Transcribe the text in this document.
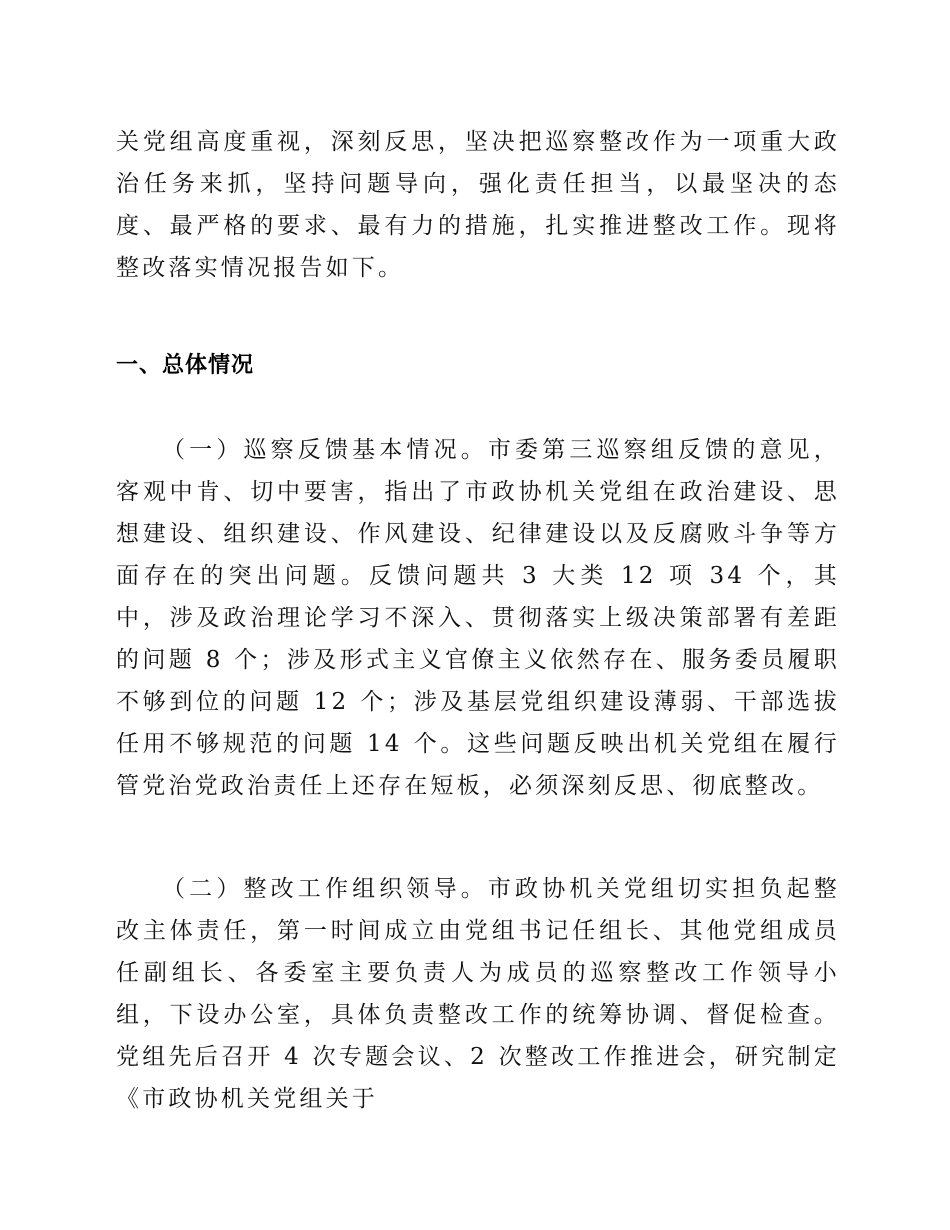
关党组高度重视，深刻反思，坚决把巡察整改作为一项重大政治任务来抓，坚持问题导向，强化责任担当，以最坚决的态度、最严格的要求、最有力的措施，扎实推进整改工作。现将整改落实情况报告如下。

一、总体情况

（一）巡察反馈基本情况。市委第三巡察组反馈的意见，客观中肯、切中要害，指出了市政协机关党组在政治建设、思想建设、组织建设、作风建设、纪律建设以及反腐败斗争等方面存在的突出问题。反馈问题共 3 大类 12 项 34 个，其中，涉及政治理论学习不深入、贯彻落实上级决策部署有差距的问题 8 个；涉及形式主义官僚主义依然存在、服务委员履职不够到位的问题 12 个；涉及基层党组织建设薄弱、干部选拔任用不够规范的问题 14 个。这些问题反映出机关党组在履行管党治党政治责任上还存在短板，必须深刻反思、彻底整改。

（二）整改工作组织领导。市政协机关党组切实担负起整改主体责任，第一时间成立由党组书记任组长、其他党组成员任副组长、各委室主要负责人为成员的巡察整改工作领导小组，下设办公室，具体负责整改工作的统筹协调、督促检查。党组先后召开 4 次专题会议、2 次整改工作推进会，研究制定《市政协机关党组关于
